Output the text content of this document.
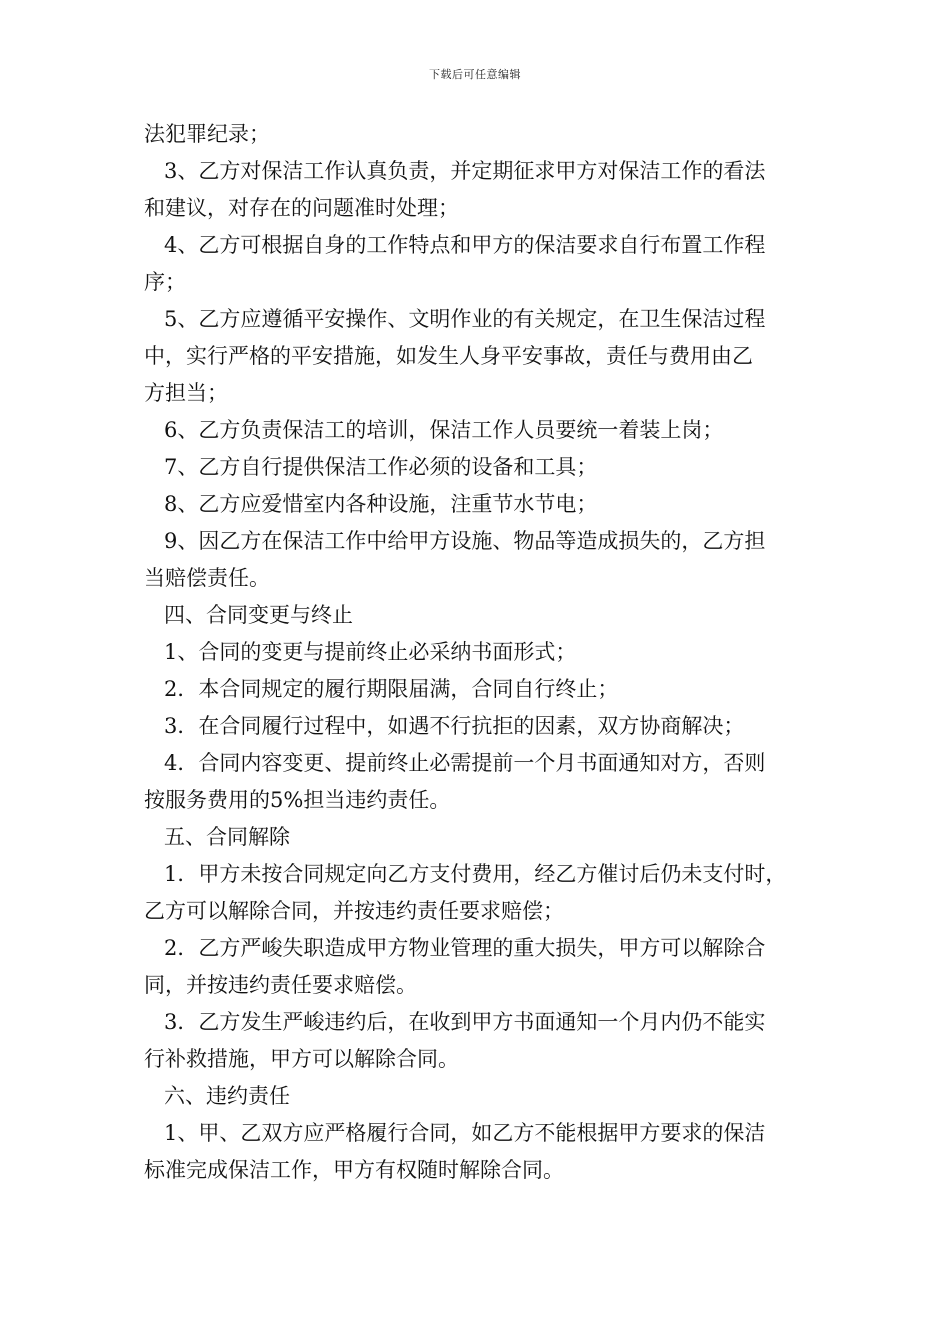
下载后可任意编辑
法犯罪纪录；
3、乙方对保洁工作认真负责，并定期征求甲方对保洁工作的看法
和建议，对存在的问题准时处理；
4、乙方可根据自身的工作特点和甲方的保洁要求自行布置工作程
序；
5、乙方应遵循平安操作、文明作业的有关规定，在卫生保洁过程
中，实行严格的平安措施，如发生人身平安事故，责任与费用由乙
方担当；
6、乙方负责保洁工的培训，保洁工作人员要统一着装上岗；
7、乙方自行提供保洁工作必须的设备和工具；
8、乙方应爱惜室内各种设施，注重节水节电；
9、因乙方在保洁工作中给甲方设施、物品等造成损失的，乙方担
当赔偿责任。
四、合同变更与终止
1、合同的变更与提前终止必采纳书面形式；
2．本合同规定的履行期限届满，合同自行终止；
3．在合同履行过程中，如遇不行抗拒的因素，双方协商解决；
4．合同内容变更、提前终止必需提前一个月书面通知对方，否则
按服务费用的5%担当违约责任。
五、合同解除
1．甲方未按合同规定向乙方支付费用，经乙方催讨后仍未支付时，
乙方可以解除合同，并按违约责任要求赔偿；
2．乙方严峻失职造成甲方物业管理的重大损失，甲方可以解除合
同，并按违约责任要求赔偿。
3．乙方发生严峻违约后，在收到甲方书面通知一个月内仍不能实
行补救措施，甲方可以解除合同。
六、违约责任
1、甲、乙双方应严格履行合同，如乙方不能根据甲方要求的保洁
标准完成保洁工作，甲方有权随时解除合同。
